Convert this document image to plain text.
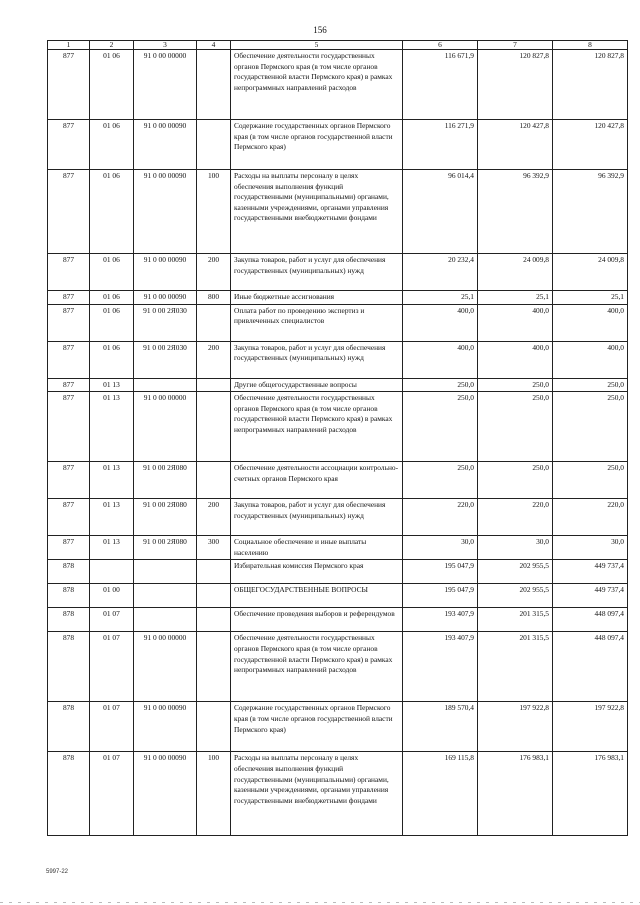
156
1	2	3	4	5	6	7	8
877	01 06	91 0 00 00000		Обеспечение деятельности государственных органов Пермского края (в том числе органов государственной власти Пермского края) в рамках непрограммных направлений расходов	116 671,9	120 827,8	120 827,8
877	01 06	91 0 00 00090		Содержание государственных органов Пермского края (в том числе органов государственной власти Пермского края)	116 271,9	120 427,8	120 427,8
877	01 06	91 0 00 00090	100	Расходы на выплаты персоналу в целях обеспечения выполнения функций государственными (муниципальными) органами, казенными учреждениями, органами управления государственными внебюджетными фондами	96 014,4	96 392,9	96 392,9
877	01 06	91 0 00 00090	200	Закупка товаров, работ и услуг для обеспечения государственных (муниципальных) нужд	20 232,4	24 009,8	24 009,8
877	01 06	91 0 00 00090	800	Иные бюджетные ассигнования	25,1	25,1	25,1
877	01 06	91 0 00 2Я030		Оплата работ по проведению экспертиз и привлеченных специалистов	400,0	400,0	400,0
877	01 06	91 0 00 2Я030	200	Закупка товаров, работ и услуг для обеспечения государственных (муниципальных) нужд	400,0	400,0	400,0
877	01 13			Другие общегосударственные вопросы	250,0	250,0	250,0
877	01 13	91 0 00 00000		Обеспечение деятельности государственных органов Пермского края (в том числе органов государственной власти Пермского края) в рамках непрограммных направлений расходов	250,0	250,0	250,0
877	01 13	91 0 00 2Я080		Обеспечение деятельности ассоциации контрольно-счетных органов Пермского края	250,0	250,0	250,0
877	01 13	91 0 00 2Я080	200	Закупка товаров, работ и услуг для обеспечения государственных (муниципальных) нужд	220,0	220,0	220,0
877	01 13	91 0 00 2Я080	300	Социальное обеспечение и иные выплаты населению	30,0	30,0	30,0
878				Избирательная комиссия Пермского края	195 047,9	202 955,5	449 737,4
878	01 00			ОБЩЕГОСУДАРСТВЕННЫЕ ВОПРОСЫ	195 047,9	202 955,5	449 737,4
878	01 07			Обеспечение проведения выборов и референдумов	193 407,9	201 315,5	448 097,4
878	01 07	91 0 00 00000		Обеспечение деятельности государственных органов Пермского края (в том числе органов государственной власти Пермского края) в рамках непрограммных направлений расходов	193 407,9	201 315,5	448 097,4
878	01 07	91 0 00 00090		Содержание государственных органов Пермского края (в том числе органов государственной власти Пермского края)	189 570,4	197 922,8	197 922,8
878	01 07	91 0 00 00090	100	Расходы на выплаты персоналу в целях обеспечения выполнения функций государственными (муниципальными) органами, казенными учреждениями, органами управления государственными внебюджетными фондами	169 115,8	176 983,1	176 983,1
5997-22
